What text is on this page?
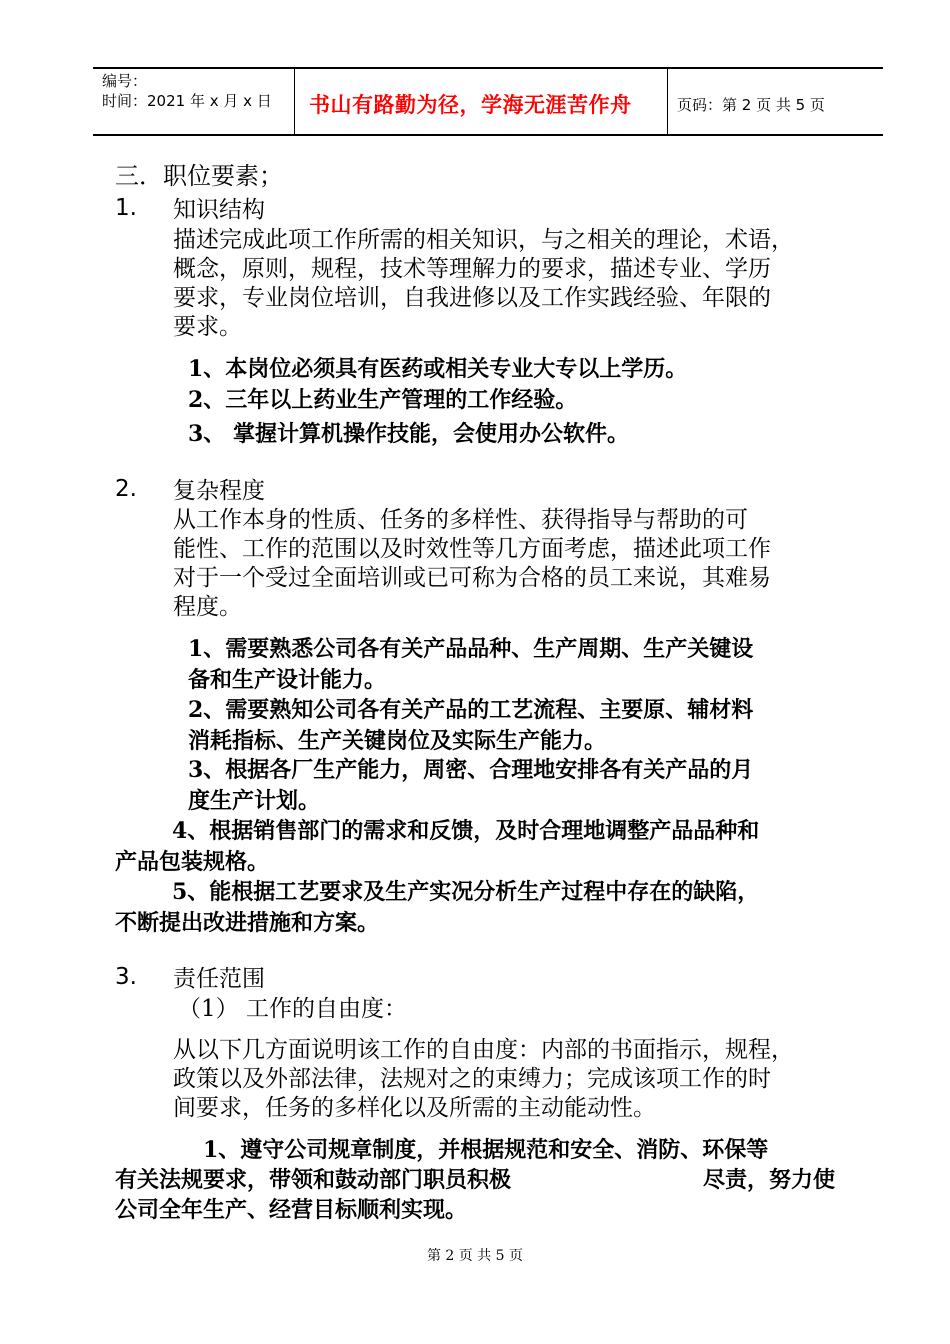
编号：
时间：2021 年 x 月 x 日 书山有路勤为径，学海无涯苦作舟	页码：第 2 页 共 5 页
三．职位要素；
1. 知识结构
描述完成此项工作所需的相关知识，与之相关的理论，术语，
概念，原则，规程，技术等理解力的要求，描述专业、学历
要求，专业岗位培训，自我进修以及工作实践经验、年限的
要求。
1、本岗位必须具有医药或相关专业大专以上学历。
2、三年以上药业生产管理的工作经验。
3、 掌握计算机操作技能，会使用办公软件。
2. 复杂程度
从工作本身的性质、任务的多样性、获得指导与帮助的可
能性、工作的范围以及时效性等几方面考虑，描述此项工作
对于一个受过全面培训或已可称为合格的员工来说，其难易
程度。
1、需要熟悉公司各有关产品品种、生产周期、生产关键设
备和生产设计能力。
2、需要熟知公司各有关产品的工艺流程、主要原、辅材料
消耗指标、生产关键岗位及实际生产能力。
3、根据各厂生产能力，周密、合理地安排各有关产品的月
度生产计划。
4、根据销售部门的需求和反馈，及时合理地调整产品品种和
产品包装规格。
5、能根据工艺要求及生产实况分析生产过程中存在的缺陷，
不断提出改进措施和方案。
3. 责任范围
（1） 工作的自由度：
从以下几方面说明该工作的自由度：内部的书面指示，规程，
政策以及外部法律，法规对之的束缚力；完成该项工作的时
间要求，任务的多样化以及所需的主动能动性。
1、遵守公司规章制度，并根据规范和安全、消防、环保等
有关法规要求，带领和鼓动部门职员积极	尽责，努力使
公司全年生产、经营目标顺利实现。
第 2 页 共 5 页
